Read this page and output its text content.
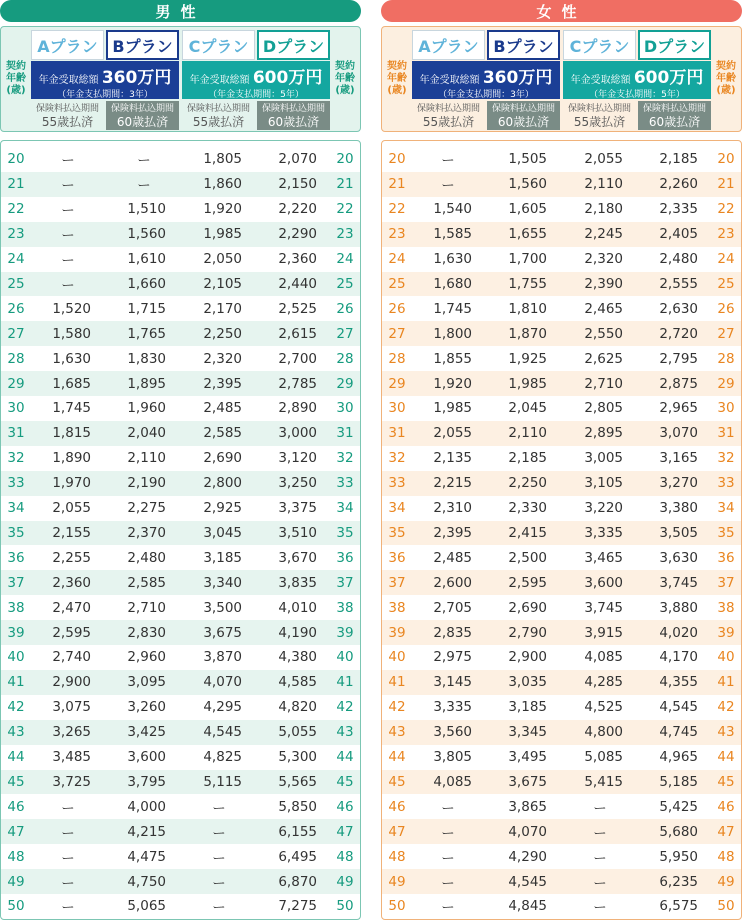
男性
契約年齢(歳)
契約年齢(歳)
Aプラン Bプラン	Cプラン Dプラン
年金受取総額 360万円
（年金支払期間：3年）
年金受取総額 600万円
（年金支払期間：5年）
保険料払込期間
55歳払済
保険料払込期間
60歳払済
保険料払込期間
55歳払済
保険料払込期間
60歳払済
20	ー	ー	1,805	2,070	20
21	ー	ー	1,860	2,150	21
22	ー	1,510	1,920	2,220	22
23	ー	1,560	1,985	2,290	23
24	ー	1,610	2,050	2,360	24
25	ー	1,660	2,105	2,440	25
26	1,520	1,715	2,170	2,525	26
27	1,580	1,765	2,250	2,615	27
28	1,630	1,830	2,320	2,700	28
29	1,685	1,895	2,395	2,785	29
30	1,745	1,960	2,485	2,890	30
31	1,815	2,040	2,585	3,000	31
32	1,890	2,110	2,690	3,120	32
33	1,970	2,190	2,800	3,250	33
34	2,055	2,275	2,925	3,375	34
35	2,155	2,370	3,045	3,510	35
36	2,255	2,480	3,185	3,670	36
37	2,360	2,585	3,340	3,835	37
38	2,470	2,710	3,500	4,010	38
39	2,595	2,830	3,675	4,190	39
40	2,740	2,960	3,870	4,380	40
41	2,900	3,095	4,070	4,585	41
42	3,075	3,260	4,295	4,820	42
43	3,265	3,425	4,545	5,055	43
44	3,485	3,600	4,825	5,300	44
45	3,725	3,795	5,115	5,565	45
46	ー	4,000	ー	5,850	46
47	ー	4,215	ー	6,155	47
48	ー	4,475	ー	6,495	48
49	ー	4,750	ー	6,870	49
50	ー	5,065	ー	7,275	50
女性
契約年齢(歳)
契約年齢(歳)
Aプラン Bプラン	Cプラン Dプラン
年金受取総額 360万円
（年金支払期間：3年）
年金受取総額 600万円
（年金支払期間：5年）
保険料払込期間
55歳払済
保険料払込期間
60歳払済
保険料払込期間
55歳払済
保険料払込期間
60歳払済
20	ー	1,505	2,055	2,185	20
21	ー	1,560	2,110	2,260	21
22	1,540	1,605	2,180	2,335	22
23	1,585	1,655	2,245	2,405	23
24	1,630	1,700	2,320	2,480	24
25	1,680	1,755	2,390	2,555	25
26	1,745	1,810	2,465	2,630	26
27	1,800	1,870	2,550	2,720	27
28	1,855	1,925	2,625	2,795	28
29	1,920	1,985	2,710	2,875	29
30	1,985	2,045	2,805	2,965	30
31	2,055	2,110	2,895	3,070	31
32	2,135	2,185	3,005	3,165	32
33	2,215	2,250	3,105	3,270	33
34	2,310	2,330	3,220	3,380	34
35	2,395	2,415	3,335	3,505	35
36	2,485	2,500	3,465	3,630	36
37	2,600	2,595	3,600	3,745	37
38	2,705	2,690	3,745	3,880	38
39	2,835	2,790	3,915	4,020	39
40	2,975	2,900	4,085	4,170	40
41	3,145	3,035	4,285	4,355	41
42	3,335	3,185	4,525	4,545	42
43	3,560	3,345	4,800	4,745	43
44	3,805	3,495	5,085	4,965	44
45	4,085	3,675	5,415	5,185	45
46	ー	3,865	ー	5,425	46
47	ー	4,070	ー	5,680	47
48	ー	4,290	ー	5,950	48
49	ー	4,545	ー	6,235	49
50	ー	4,845	ー	6,575	50
